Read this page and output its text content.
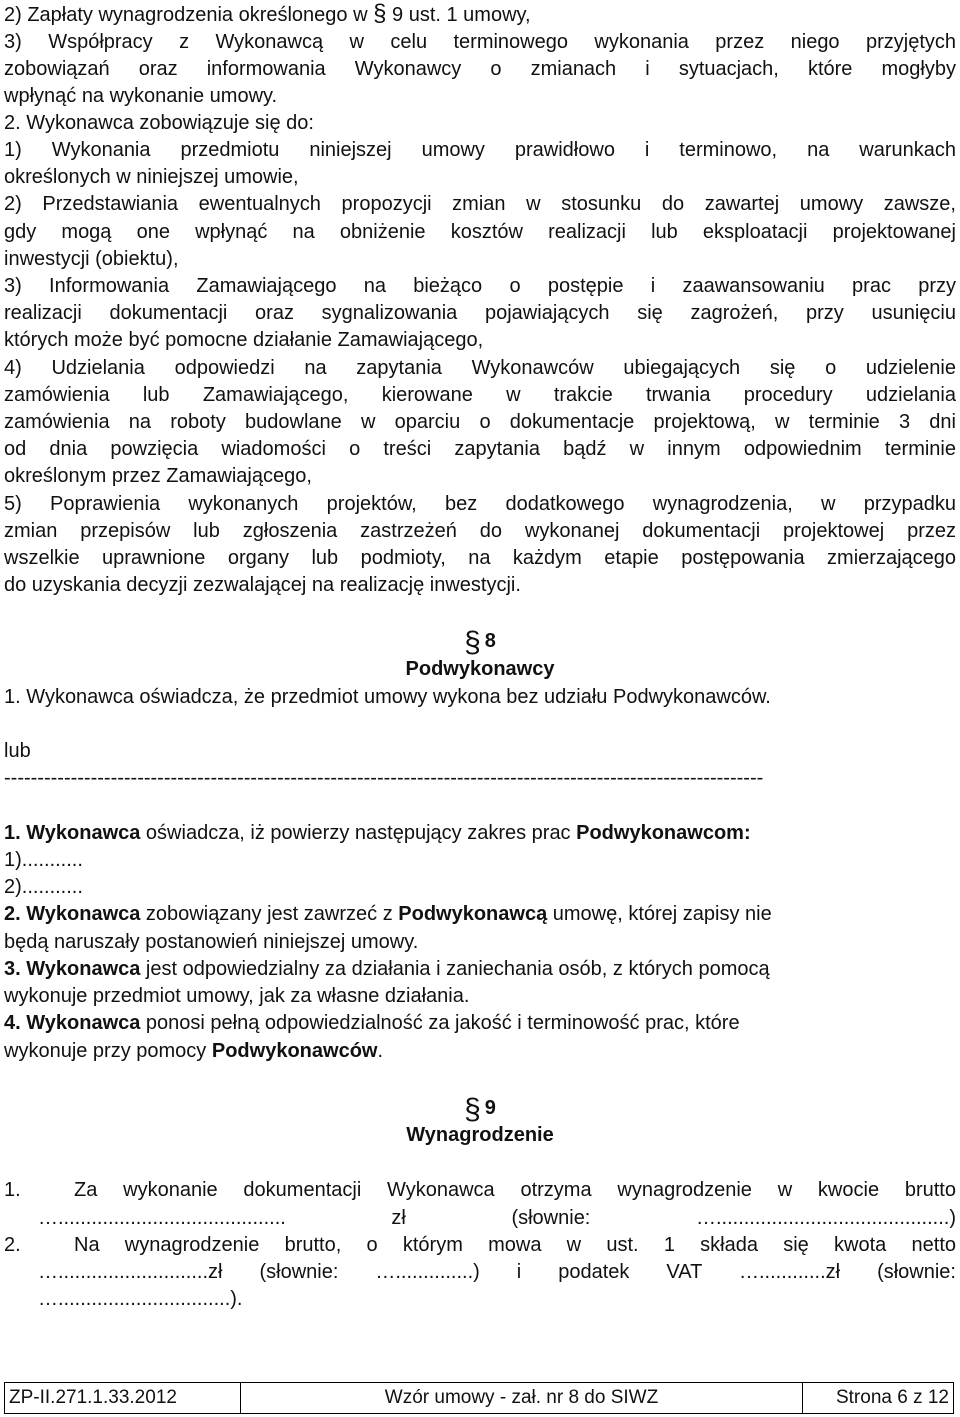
2) Zapłaty wynagrodzenia określonego w § 9 ust. 1 umowy,
3) Współpracy z Wykonawcą w celu terminowego wykonania przez niego przyjętych
zobowiązań oraz informowania Wykonawcy o zmianach i sytuacjach, które mogłyby
wpłynąć na wykonanie umowy.
2. Wykonawca zobowiązuje się do:
1) Wykonania przedmiotu niniejszej umowy prawidłowo i terminowo, na warunkach
określonych w niniejszej umowie,
2) Przedstawiania ewentualnych propozycji zmian w stosunku do zawartej umowy zawsze,
gdy mogą one wpłynąć na obniżenie kosztów realizacji lub eksploatacji projektowanej
inwestycji (obiektu),
3) Informowania Zamawiającego na bieżąco o postępie i zaawansowaniu prac przy
realizacji dokumentacji oraz sygnalizowania pojawiających się zagrożeń, przy usunięciu
których może być pomocne działanie Zamawiającego,
4) Udzielania odpowiedzi na zapytania Wykonawców ubiegających się o udzielenie
zamówienia lub Zamawiającego, kierowane w trakcie trwania procedury udzielania
zamówienia na roboty budowlane w oparciu o dokumentacje projektową, w terminie 3 dni
od dnia powzięcia wiadomości o treści zapytania bądź w innym odpowiednim terminie
określonym przez Zamawiającego,
5) Poprawienia wykonanych projektów, bez dodatkowego wynagrodzenia, w przypadku
zmian przepisów lub zgłoszenia zastrzeżeń do wykonanej dokumentacji projektowej przez
wszelkie uprawnione organy lub podmioty, na każdym etapie postępowania zmierzającego
do uzyskania decyzji zezwalającej na realizację inwestycji.
§ 8
Podwykonawcy
1. Wykonawca oświadcza, że przedmiot umowy wykona bez udziału Podwykonawców.
lub
------------------------------------------------------------------------------------------------------------------
1. Wykonawca oświadcza, iż powierzy następujący zakres prac Podwykonawcom:
1)...........
2)...........
2. Wykonawca zobowiązany jest zawrzeć z Podwykonawcą umowę, której zapisy nie
będą naruszały postanowień niniejszej umowy.
3. Wykonawca jest odpowiedzialny za działania i zaniechania osób, z których pomocą
wykonuje przedmiot umowy, jak za własne działania.
4. Wykonawca ponosi pełną odpowiedzialność za jakość i terminowość prac, które
wykonuje przy pomocy Podwykonawców.
§ 9
Wynagrodzenie
1.	Za wykonanie dokumentacji Wykonawca otrzyma wynagrodzenie w kwocie brutto
…......................................... zł (słownie: …..........................................)
2.	Na wynagrodzenie brutto, o którym mowa w ust. 1 składa się kwota netto
…...........................zł (słownie: …..............) i podatek VAT …............zł (słownie:
…...............................).
ZP-II.271.1.33.2012	Wzór umowy - zał. nr 8 do SIWZ	Strona 6 z 12
